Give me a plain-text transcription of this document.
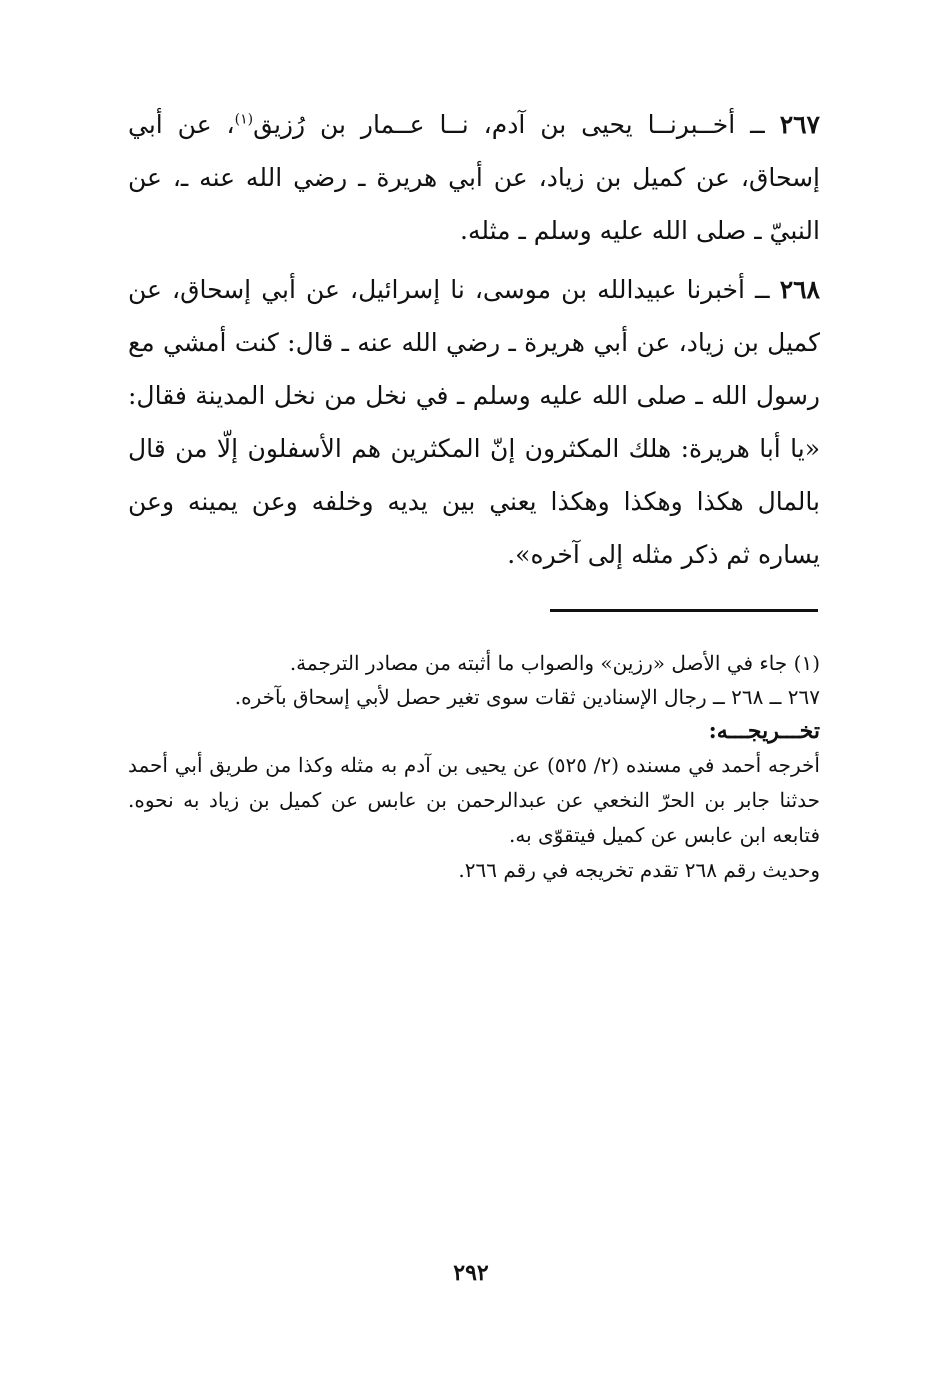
٢٦٧ ــ أخــبرنــا يحيى بن آدم، نــا عــمار بن رُزيق$^{(١)}$، عن أبي إسحاق، عن كميل بن زياد، عن أبي هريرة ـ رضي الله عنه ـ، عن النبيّ ـ صلى الله عليه وسلم ـ مثله.

٢٦٨ ــ أخبرنا عبيدالله بن موسى، نا إسرائيل، عن أبي إسحاق، عن كميل بن زياد، عن أبي هريرة ـ رضي الله عنه ـ قال: كنت أمشي مع رسول الله ـ صلى الله عليه وسلم ـ في نخل من نخل المدينة فقال: «يا أبا هريرة: هلك المكثرون إنّ المكثرين هم الأسفلون إلّا من قال بالمال هكذا وهكذا وهكذا يعني بين يديه وخلفه وعن يمينه وعن يساره ثم ذكر مثله إلى آخره».

(١) جاء في الأصل «رزين» والصواب ما أثبته من مصادر الترجمة.

٢٦٧ ــ ٢٦٨ ــ رجال الإسنادين ثقات سوى تغير حصل لأبي إسحاق بآخره.

تخـــريجـــه:

أخرجه أحمد في مسنده (٢/ ٥٢٥) عن يحيى بن آدم به مثله وكذا من طريق أبي أحمد حدثنا جابر بن الحرّ النخعي عن عبدالرحمن بن عابس عن كميل بن زياد به نحوه. فتابعه ابن عابس عن كميل فيتقوّى به.

وحديث رقم ٢٦٨ تقدم تخريجه في رقم ٢٦٦.

٢٩٢
